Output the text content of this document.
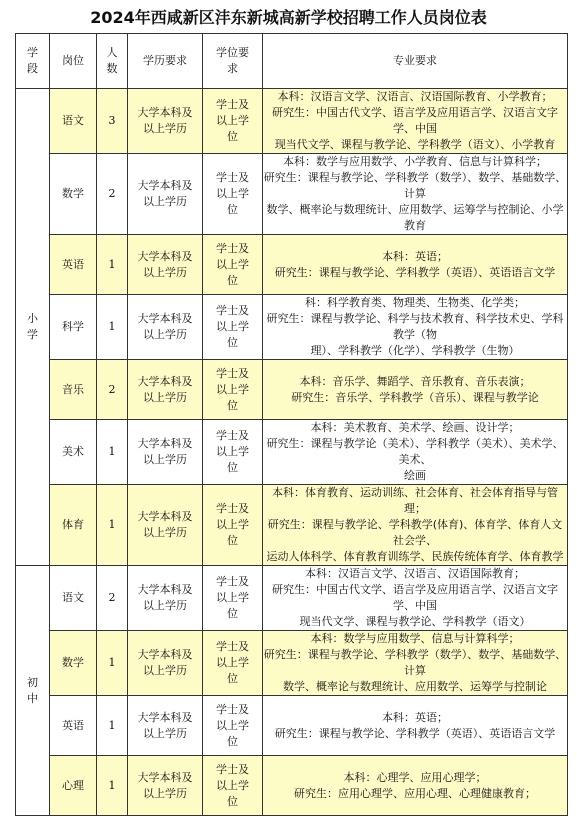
2024年西咸新区沣东新城高新学校招聘工作人员岗位表
学段	岗位	人数	学历要求	学位要求	专业要求
小学	语文	3	大学本科及以上学历	学士及以上学位	本科：汉语言文学、汉语言、汉语国际教育、小学教育；
研究生：中国古代文学、语言学及应用语言学、汉语言文字学、中国
现当代文学、课程与教学论、学科教学（语文）、小学教育

	数学	2	大学本科及以上学历	学士及以上学位	本科：数学与应用数学、小学教育、信息与计算科学；
研究生：课程与教学论、学科教学（数学）、数学、基础数学、计算
数学、概率论与数理统计、应用数学、运筹学与控制论、小学教育

	英语	1	大学本科及以上学历	学士及以上学位	本科：英语；
研究生：课程与教学论、学科教学（英语）、英语语言文学

	科学	1	大学本科及以上学历	学士及以上学位	科：科学教育类、物理类、生物类、化学类；
研究生：课程与教学论、科学与技术教育、科学技术史、学科教学（物
理）、学科教学（化学）、学科教学（生物）

	音乐	2	大学本科及以上学历	学士及以上学位	本科：音乐学、舞蹈学、音乐教育、音乐表演；
研究生：音乐学、学科教学（音乐）、课程与教学论

	美术	1	大学本科及以上学历	学士及以上学位	本科：美术教育、美术学、绘画、设计学；
研究生：课程与教学论（美术）、学科教学（美术）、美术学、美术、
绘画

	体育	1	大学本科及以上学历	学士及以上学位	本科：体育教育、运动训练、社会体育、社会体育指导与管理；
研究生：课程与教学论、学科教学(体育)、体育学、体育人文社会学、
运动人体科学、体育教育训练学、民族传统体育学、体育教学

初中	语文	2	大学本科及以上学历	学士及以上学位	本科：汉语言文学、汉语言、汉语国际教育；
研究生：中国古代文学、语言学及应用语言学、汉语言文字学、中国
现当代文学、课程与教学论、学科教学（语文）

	数学	1	大学本科及以上学历	学士及以上学位	本科：数学与应用数学、信息与计算科学；
研究生：课程与教学论、学科教学（数学）、数学、基础数学、计算
数学、概率论与数理统计、应用数学、运筹学与控制论

	英语	1	大学本科及以上学历	学士及以上学位	本科：英语；
研究生：课程与教学论、学科教学（英语）、英语语言文学

	心理	1	大学本科及以上学历	学士及以上学位	本科：心理学、应用心理学；
研究生：应用心理学、应用心理、心理健康教育；
